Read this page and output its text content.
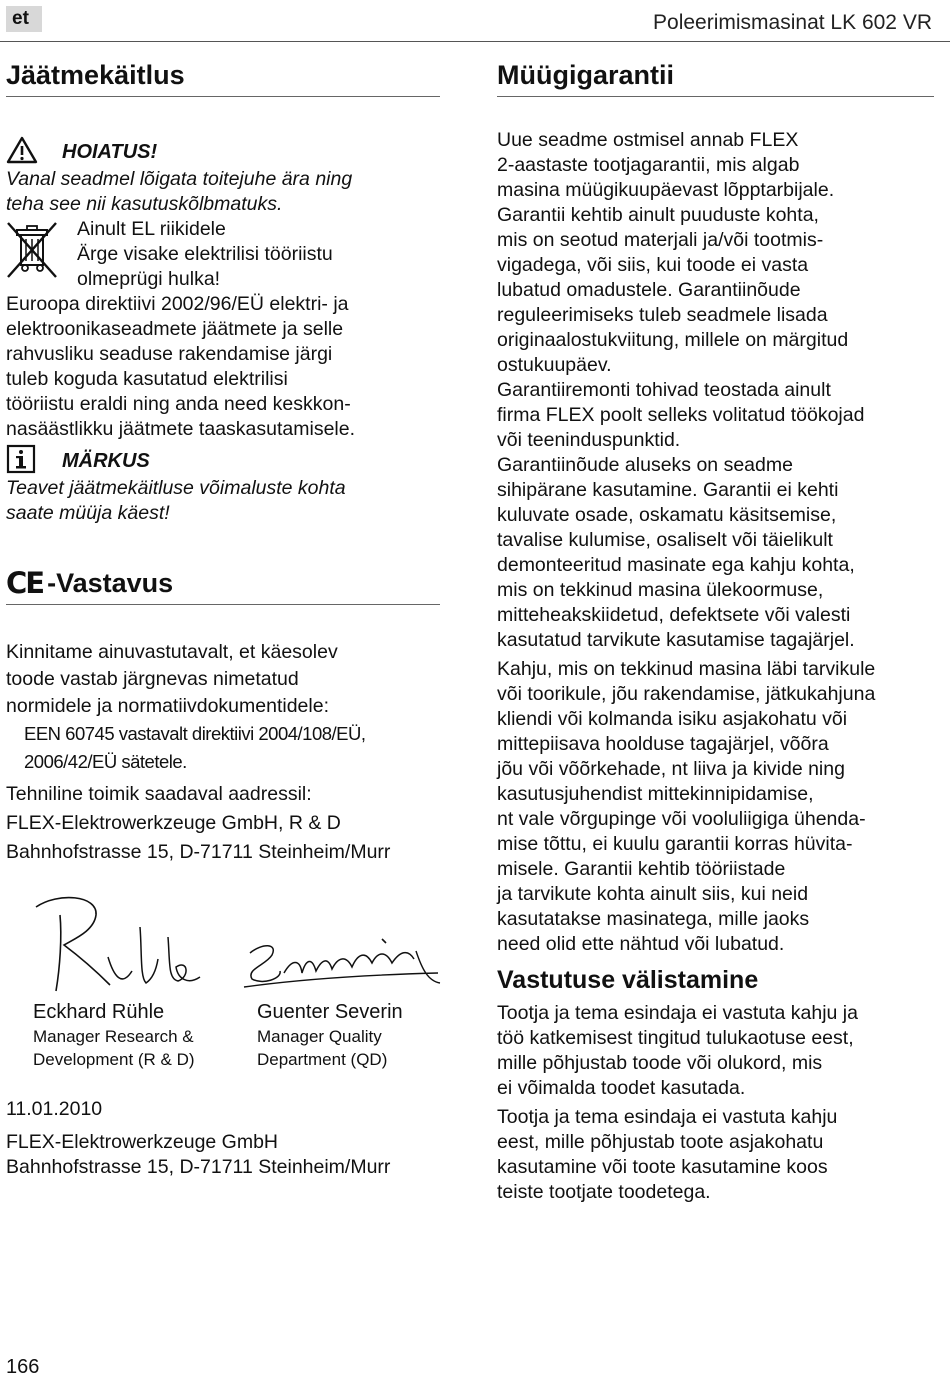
et	Poleerimismasinat LK 602 VR
Jäätmekäitlus
HOIATUS!

Vanal seadmel lõigata toitejuhe ära ning
teha see nii kasutuskõlbmatuks.

Ainult EL riikidele
Ärge visake elektrilisi tööriistu
olmeprügi hulka!

Euroopa direktiivi 2002/96/EÜ elektri- ja
elektroonikaseadmete jäätmete ja selle
rahvusliku seaduse rakendamise järgi
tuleb koguda kasutatud elektrilisi
tööriistu eraldi ning anda need keskkon-
nasäästlikku jäätmete taaskasutamisele.

MÄRKUS

Teavet jäätmekäitluse võimaluste kohta
saate müüja käest!

CE -Vastavus

Kinnitame ainuvastutavalt, et käesolev
toode vastab järgnevas nimetatud
normidele ja normatiivdokumentidele:

EEN 60745 vastavalt direktiivi 2004/108/EÜ,
2006/42/EÜ sätetele.

Tehniline toimik saadaval aadressil:
FLEX-Elektrowerkzeuge GmbH, R & D
Bahnhofstrasse 15, D-71711 Steinheim/Murr

Eckhard Rühle
Manager Research &
Development (R & D)
Guenter Severin
Manager Quality
Department (QD)

11.01.2010

FLEX-Elektrowerkzeuge GmbH
Bahnhofstrasse 15, D-71711 Steinheim/Murr

Müügigarantii

Uue seadme ostmisel annab FLEX
2-aastaste tootjagarantii, mis algab
masina müügikuupäevast lõpptarbijale.
Garantii kehtib ainult puuduste kohta,
mis on seotud materjali ja/või tootmis-
vigadega, või siis, kui toode ei vasta
lubatud omadustele. Garantiinõude
reguleerimiseks tuleb seadmele lisada
originaalostukviitung, millele on märgitud
ostukuupäev.

Garantiiremonti tohivad teostada ainult
firma FLEX poolt selleks volitatud töökojad
või teeninduspunktid.

Garantiinõude aluseks on seadme
sihipärane kasutamine. Garantii ei kehti
kuluvate osade, oskamatu käsitsemise,
tavalise kulumise, osaliselt või täielikult
demonteeritud masinate ega kahju kohta,
mis on tekkinud masina ülekoormuse,
mitteheakskiidetud, defektsete või valesti
kasutatud tarvikute kasutamise tagajärjel.

Kahju, mis on tekkinud masina läbi tarvikule
või toorikule, jõu rakendamise, jätkukahjuna
kliendi või kolmanda isiku asjakohatu või
mittepiisava hoolduse tagajärjel, võõra
jõu või võõrkehade, nt liiva ja kivide ning
kasutusjuhendist mittekinnipidamise,
nt vale võrgupinge või vooluliigiga ühenda-
mise tõttu, ei kuulu garantii korras hüvita-
misele. Garantii kehtib tööriistade
ja tarvikute kohta ainult siis, kui neid
kasutatakse masinatega, mille jaoks
need olid ette nähtud või lubatud.

Vastutuse välistamine

Tootja ja tema esindaja ei vastuta kahju ja
töö katkemisest tingitud tulukaotuse eest,
mille põhjustab toode või olukord, mis
ei võimalda toodet kasutada.

Tootja ja tema esindaja ei vastuta kahju
eest, mille põhjustab toote asjakohatu
kasutamine või toote kasutamine koos
teiste tootjate toodetega.

166
